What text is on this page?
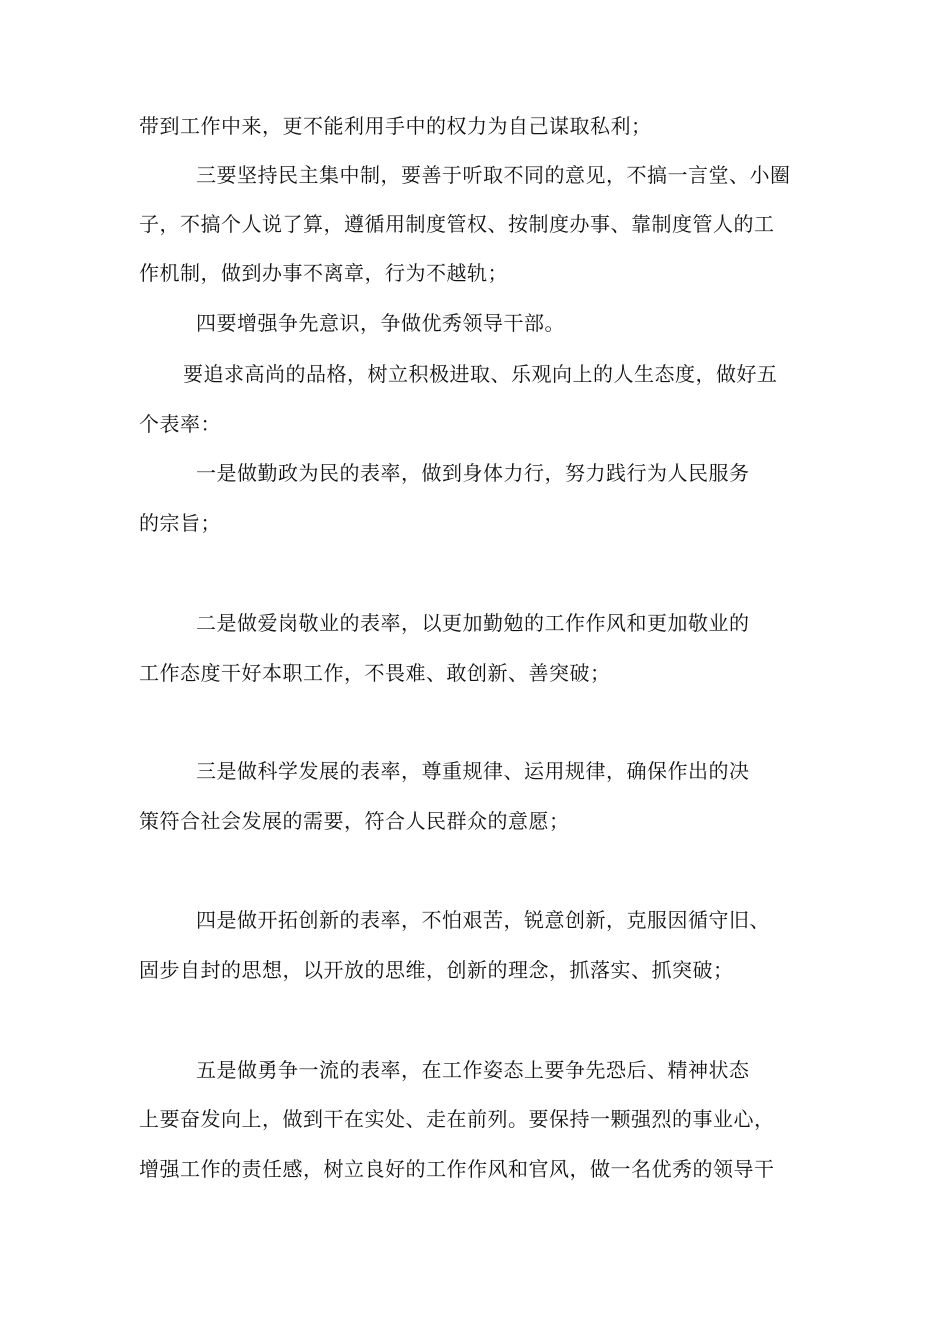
带到工作中来，更不能利用手中的权力为自己谋取私利；
三要坚持民主集中制，要善于听取不同的意见，不搞一言堂、小圈
子，不搞个人说了算，遵循用制度管权、按制度办事、靠制度管人的工
作机制，做到办事不离章，行为不越轨；
四要增强争先意识，争做优秀领导干部。
要追求高尚的品格，树立积极进取、乐观向上的人生态度，做好五
个表率：
一是做勤政为民的表率，做到身体力行，努力践行为人民服务
的宗旨；
二是做爱岗敬业的表率，以更加勤勉的工作作风和更加敬业的
工作态度干好本职工作，不畏难、敢创新、善突破；
三是做科学发展的表率，尊重规律、运用规律，确保作出的决
策符合社会发展的需要，符合人民群众的意愿；
四是做开拓创新的表率，不怕艰苦，锐意创新，克服因循守旧、
固步自封的思想，以开放的思维，创新的理念，抓落实、抓突破；
五是做勇争一流的表率，在工作姿态上要争先恐后、精神状态
上要奋发向上，做到干在实处、走在前列。要保持一颗强烈的事业心，
增强工作的责任感，树立良好的工作作风和官风，做一名优秀的领导干
